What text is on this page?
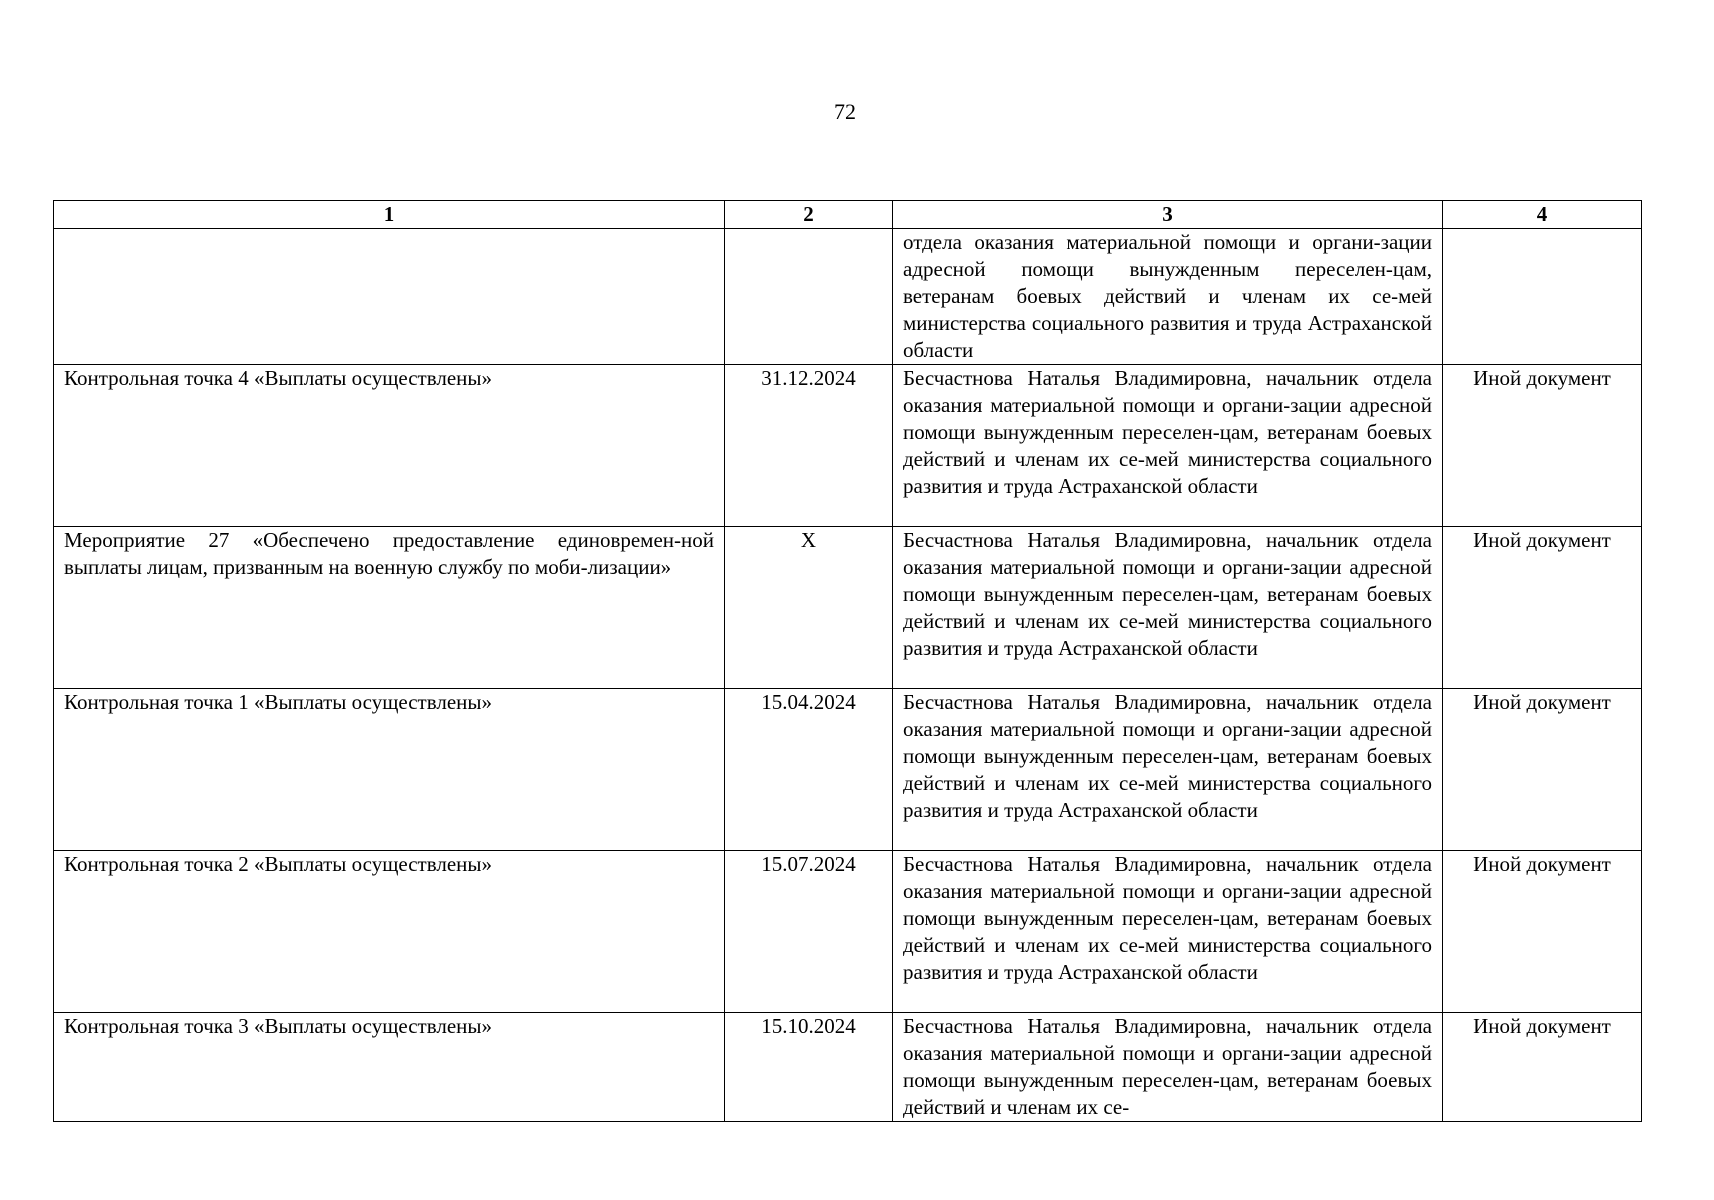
72
1	2	3	4
		отдела оказания материальной помощи и органи-зации адресной помощи вынужденным переселен-цам, ветеранам боевых действий и членам их се-мей министерства социального развития и труда Астраханской области	
Контрольная точка 4 «Выплаты осуществлены»	31.12.2024	Бесчастнова Наталья Владимировна, начальник отдела оказания материальной помощи и органи-зации адресной помощи вынужденным переселен-цам, ветеранам боевых действий и членам их се-мей министерства социального развития и труда Астраханской области	Иной документ
Мероприятие 27 «Обеспечено предоставление единовремен-ной выплаты лицам, призванным на военную службу по моби-лизации»	X	Бесчастнова Наталья Владимировна, начальник отдела оказания материальной помощи и органи-зации адресной помощи вынужденным переселен-цам, ветеранам боевых действий и членам их се-мей министерства социального развития и труда Астраханской области	Иной документ
Контрольная точка 1 «Выплаты осуществлены»	15.04.2024	Бесчастнова Наталья Владимировна, начальник отдела оказания материальной помощи и органи-зации адресной помощи вынужденным переселен-цам, ветеранам боевых действий и членам их се-мей министерства социального развития и труда Астраханской области	Иной документ
Контрольная точка 2 «Выплаты осуществлены»	15.07.2024	Бесчастнова Наталья Владимировна, начальник отдела оказания материальной помощи и органи-зации адресной помощи вынужденным переселен-цам, ветеранам боевых действий и членам их се-мей министерства социального развития и труда Астраханской области	Иной документ
Контрольная точка 3 «Выплаты осуществлены»	15.10.2024	Бесчастнова Наталья Владимировна, начальник отдела оказания материальной помощи и органи-зации адресной помощи вынужденным переселен-цам, ветеранам боевых действий и членам их се-	Иной документ
